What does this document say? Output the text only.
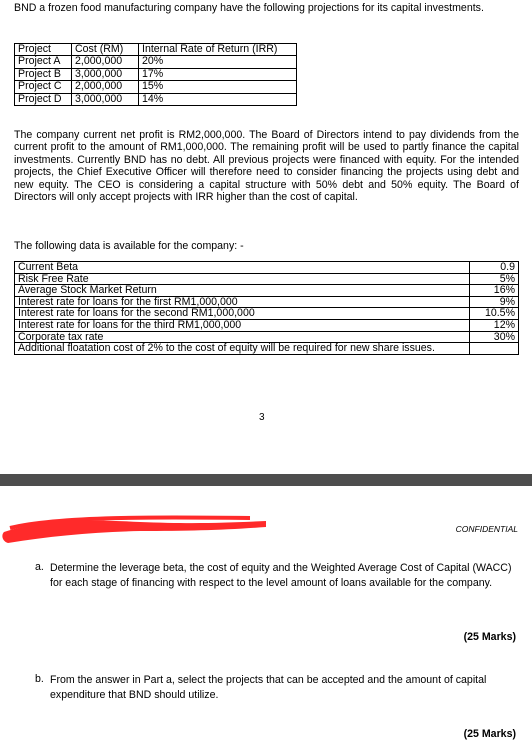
BND a frozen food manufacturing company have the following projections for its capital investments.
Project	Cost (RM)	Internal Rate of Return (IRR)
Project A	2,000,000	20%
Project B	3,000,000	17%
Project C	2,000,000	15%
Project D	3,000,000	14%
The company current net profit is RM2,000,000. The Board of Directors intend to pay dividends from the current profit to the amount of RM1,000,000. The remaining profit will be used to partly finance the capital investments. Currently BND has no debt. All previous projects were financed with equity. For the intended projects, the Chief Executive Officer will therefore need to consider financing the projects using debt and new equity. The CEO is considering a capital structure with 50% debt and 50% equity. The Board of Directors will only accept projects with IRR higher than the cost of capital.
The following data is available for the company: -
Current Beta	0.9
Risk Free Rate	5%
Average Stock Market Return	16%
Interest rate for loans for the first RM1,000,000	9%
Interest rate for loans for the second RM1,000,000	10.5%
Interest rate for loans for the third RM1,000,000	12%
Corporate tax rate	30%
Additional floatation cost of 2% to the cost of equity will be required for new share issues.	
3
CONFIDENTIAL
a. Determine the leverage beta, the cost of equity and the Weighted Average Cost of Capital (WACC) for each stage of financing with respect to the level amount of loans available for the company.
(25 Marks)
b. From the answer in Part a, select the projects that can be accepted and the amount of capital expenditure that BND should utilize.
(25 Marks)
